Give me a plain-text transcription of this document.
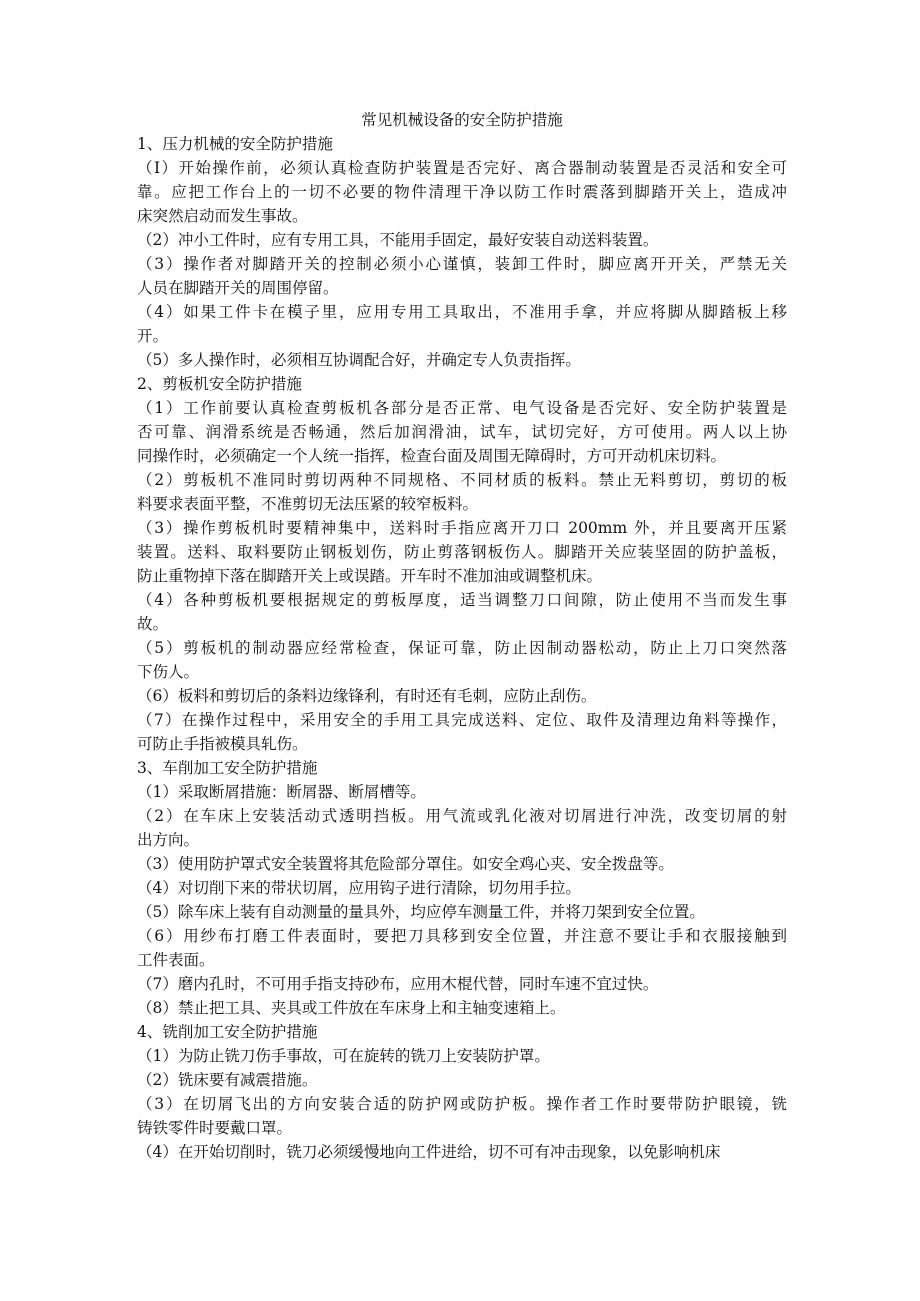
常见机械设备的安全防护措施
1、压力机械的安全防护措施
（I）开始操作前，必须认真检查防护装置是否完好、离合器制动装置是否灵活和安全可
靠。应把工作台上的一切不必要的物件清理干净以防工作时震落到脚踏开关上，造成冲
床突然启动而发生事故。
（2）冲小工件时，应有专用工具，不能用手固定，最好安装自动送料装置。
（3）操作者对脚踏开关的控制必须小心谨慎，装卸工件时，脚应离开开关，严禁无关
人员在脚踏开关的周围停留。
（4）如果工件卡在模子里，应用专用工具取出，不准用手拿，并应将脚从脚踏板上移
开。
（5）多人操作时，必须相互协调配合好，并确定专人负责指挥。
2、剪板机安全防护措施
（1）工作前要认真检查剪板机各部分是否正常、电气设备是否完好、安全防护装置是
否可靠、润滑系统是否畅通，然后加润滑油，试车，试切完好，方可使用。两人以上协
同操作时，必须确定一个人统一指挥，检查台面及周围无障碍时，方可开动机床切料。
（2）剪板机不准同时剪切两种不同规格、不同材质的板料。禁止无料剪切，剪切的板
料要求表面平整，不准剪切无法压紧的较窄板料。
（3）操作剪板机时要精神集中，送料时手指应离开刀口 200mm 外，并且要离开压紧
装置。送料、取料要防止钢板划伤，防止剪落钢板伤人。脚踏开关应装坚固的防护盖板，
防止重物掉下落在脚踏开关上或误踏。开车时不准加油或调整机床。
（4）各种剪板机要根据规定的剪板厚度，适当调整刀口间隙，防止使用不当而发生事
故。
（5）剪板机的制动器应经常检查，保证可靠，防止因制动器松动，防止上刀口突然落
下伤人。
（6）板料和剪切后的条料边缘锋利，有时还有毛刺，应防止刮伤。
（7）在操作过程中，采用安全的手用工具完成送料、定位、取件及清理边角料等操作，
可防止手指被模具轧伤。
3、车削加工安全防护措施
（1）采取断屑措施：断屑器、断屑槽等。
（2）在车床上安装活动式透明挡板。用气流或乳化液对切屑进行冲洗，改变切屑的射
出方向。
（3）使用防护罩式安全装置将其危险部分罩住。如安全鸡心夹、安全拨盘等。
（4）对切削下来的带状切屑，应用钩子进行清除，切勿用手拉。
（5）除车床上装有自动测量的量具外，均应停车测量工件，并将刀架到安全位置。
（6）用纱布打磨工件表面时，要把刀具移到安全位置，并注意不要让手和衣服接触到
工件表面。
（7）磨内孔时，不可用手指支持砂布，应用木棍代替，同时车速不宜过快。
（8）禁止把工具、夹具或工件放在车床身上和主轴变速箱上。
4、铣削加工安全防护措施
（1）为防止铣刀伤手事故，可在旋转的铣刀上安装防护罩。
（2）铣床要有减震措施。
（3）在切屑飞出的方向安装合适的防护网或防护板。操作者工作时要带防护眼镜，铣
铸铁零件时要戴口罩。
（4）在开始切削时，铣刀必须缓慢地向工件进给，切不可有冲击现象，以免影响机床
